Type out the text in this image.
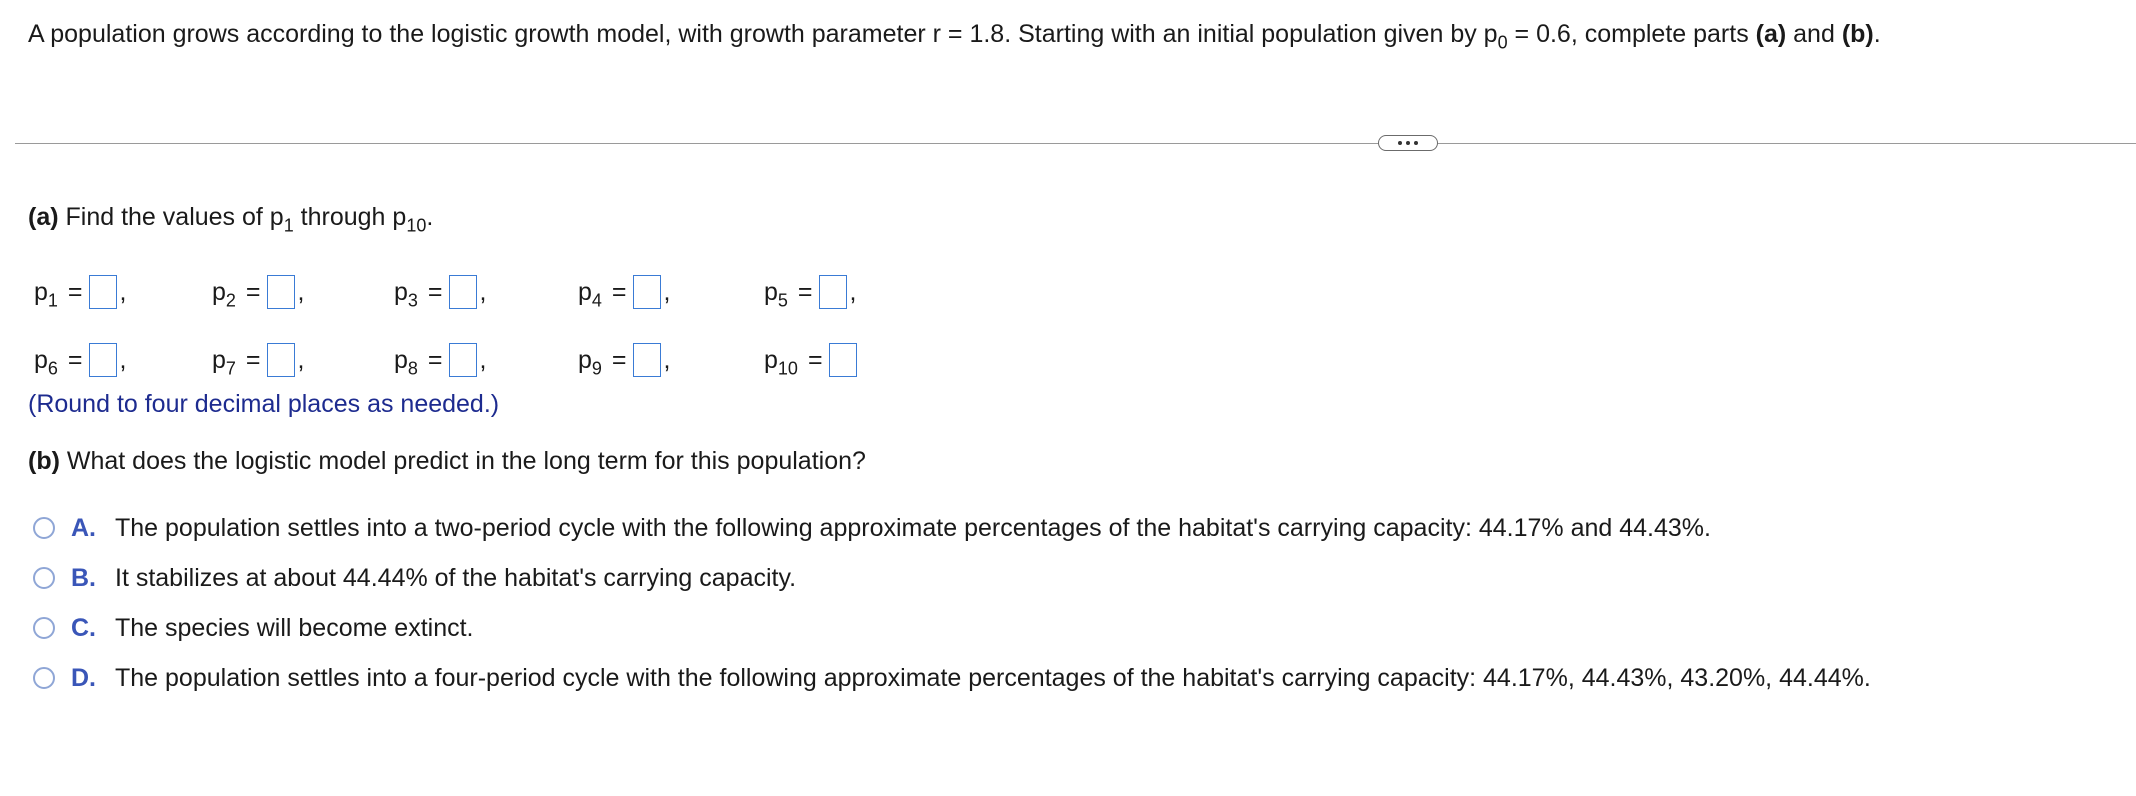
A population grows according to the logistic growth model, with growth parameter r = 1.8. Starting with an initial population given by $p_0 = 0.6$, complete parts (a) and (b).
(a) Find the values of $p_1$ through $p_{10}$.
$p_1$ = ,	$p_2$ = ,	$p_3$ = ,	$p_4$ = ,	$p_5$ = ,
$p_6$ = ,	$p_7$ = ,	$p_8$ = ,	$p_9$ = ,	$p_{10}$ =
(Round to four decimal places as needed.)
(b) What does the logistic model predict in the long term for this population?
A. The population settles into a two-period cycle with the following approximate percentages of the habitat's carrying capacity: 44.17% and 44.43%.
B. It stabilizes at about 44.44% of the habitat's carrying capacity.
C. The species will become extinct.
D. The population settles into a four-period cycle with the following approximate percentages of the habitat's carrying capacity: 44.17%, 44.43%, 43.20%, 44.44%.
